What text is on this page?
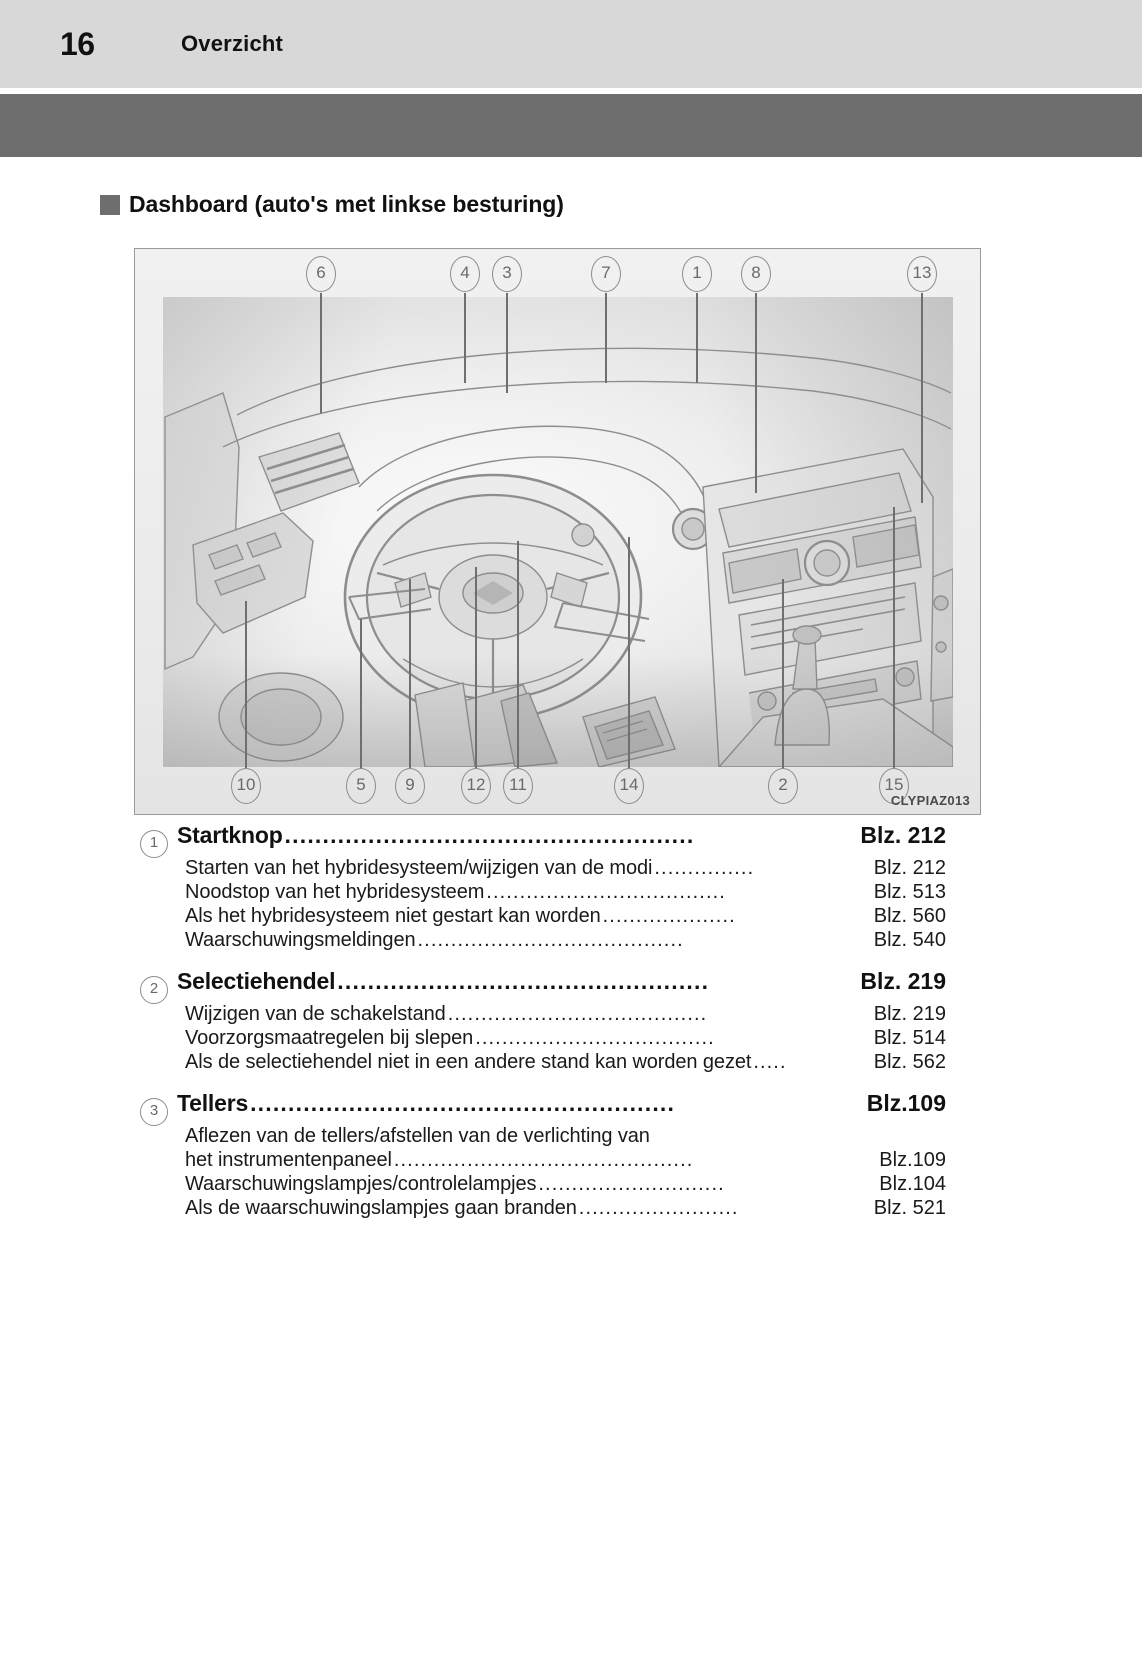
16	Overzicht
Dashboard (auto's met linkse besturing)
6	4	3	7	1	8	13
10	5	9	12	11	14	2	15
CLYPIAZ013
1 Startknop ......................................................	Blz. 212
Starten van het hybridesysteem/wijzigen van de modi ...............	Blz. 212
Noodstop van het hybridesysteem ....................................	Blz. 513
Als het hybridesysteem niet gestart kan worden ....................	Blz. 560
Waarschuwingsmeldingen ........................................	Blz. 540
2 Selectiehendel .................................................	Blz. 219
Wijzigen van de schakelstand .......................................	Blz. 219
Voorzorgsmaatregelen bij slepen ....................................	Blz. 514
Als de selectiehendel niet in een andere stand kan worden gezet .....	Blz. 562
3 Tellers ........................................................	Blz.109
Aflezen van de tellers/afstellen van de verlichting van
het instrumentenpaneel .............................................	Blz.109
Waarschuwingslampjes/controlelampjes ............................	Blz.104
Als de waarschuwingslampjes gaan branden ........................	Blz. 521
